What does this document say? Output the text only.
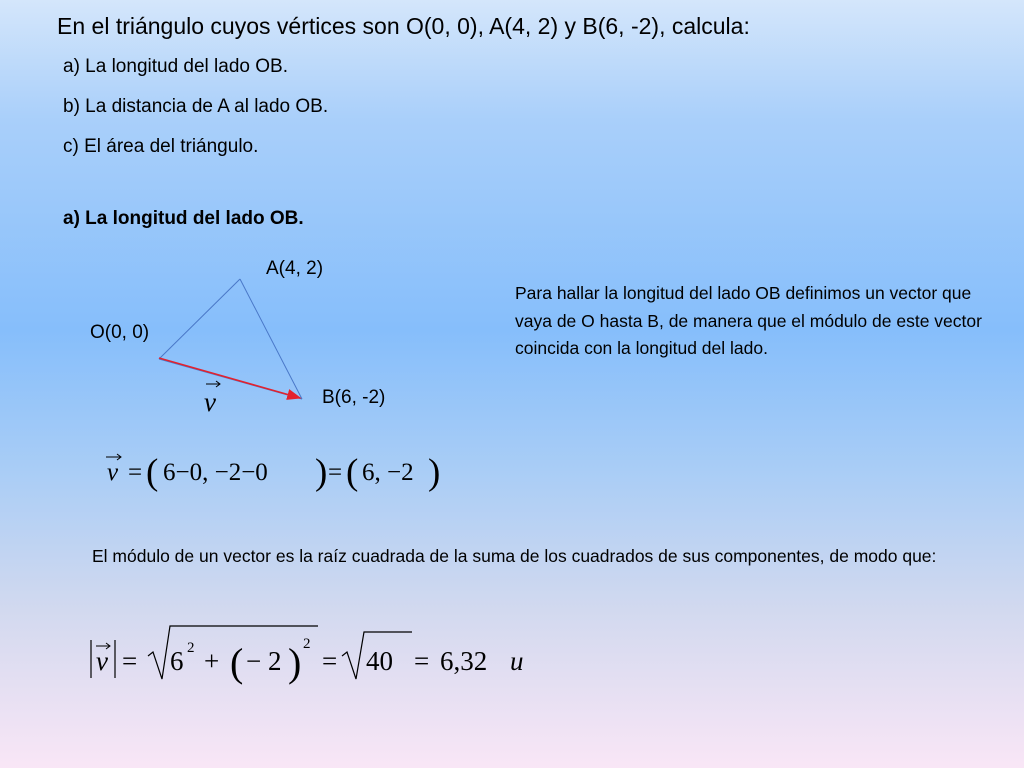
En el triángulo cuyos vértices son O(0, 0), A(4, 2) y B(6, -2), calcula:
a) La longitud del lado OB.
b) La distancia de A al lado OB.
c) El área del triángulo.
a) La longitud del lado OB.
A(4, 2)
O(0, 0)
B(6, -2)
v
v = ( 6−0, −2−0 ) = ( 6, −2 )
v = 6 2 + ( − 2 ) 2
= 40 = 6,32 u
Para hallar la longitud del lado OB definimos un vector que vaya de O hasta B, de manera que el módulo de este vector coincida con la longitud del lado.
El módulo de un vector es la raíz cuadrada de la suma de los cuadrados de sus componentes, de modo que:
